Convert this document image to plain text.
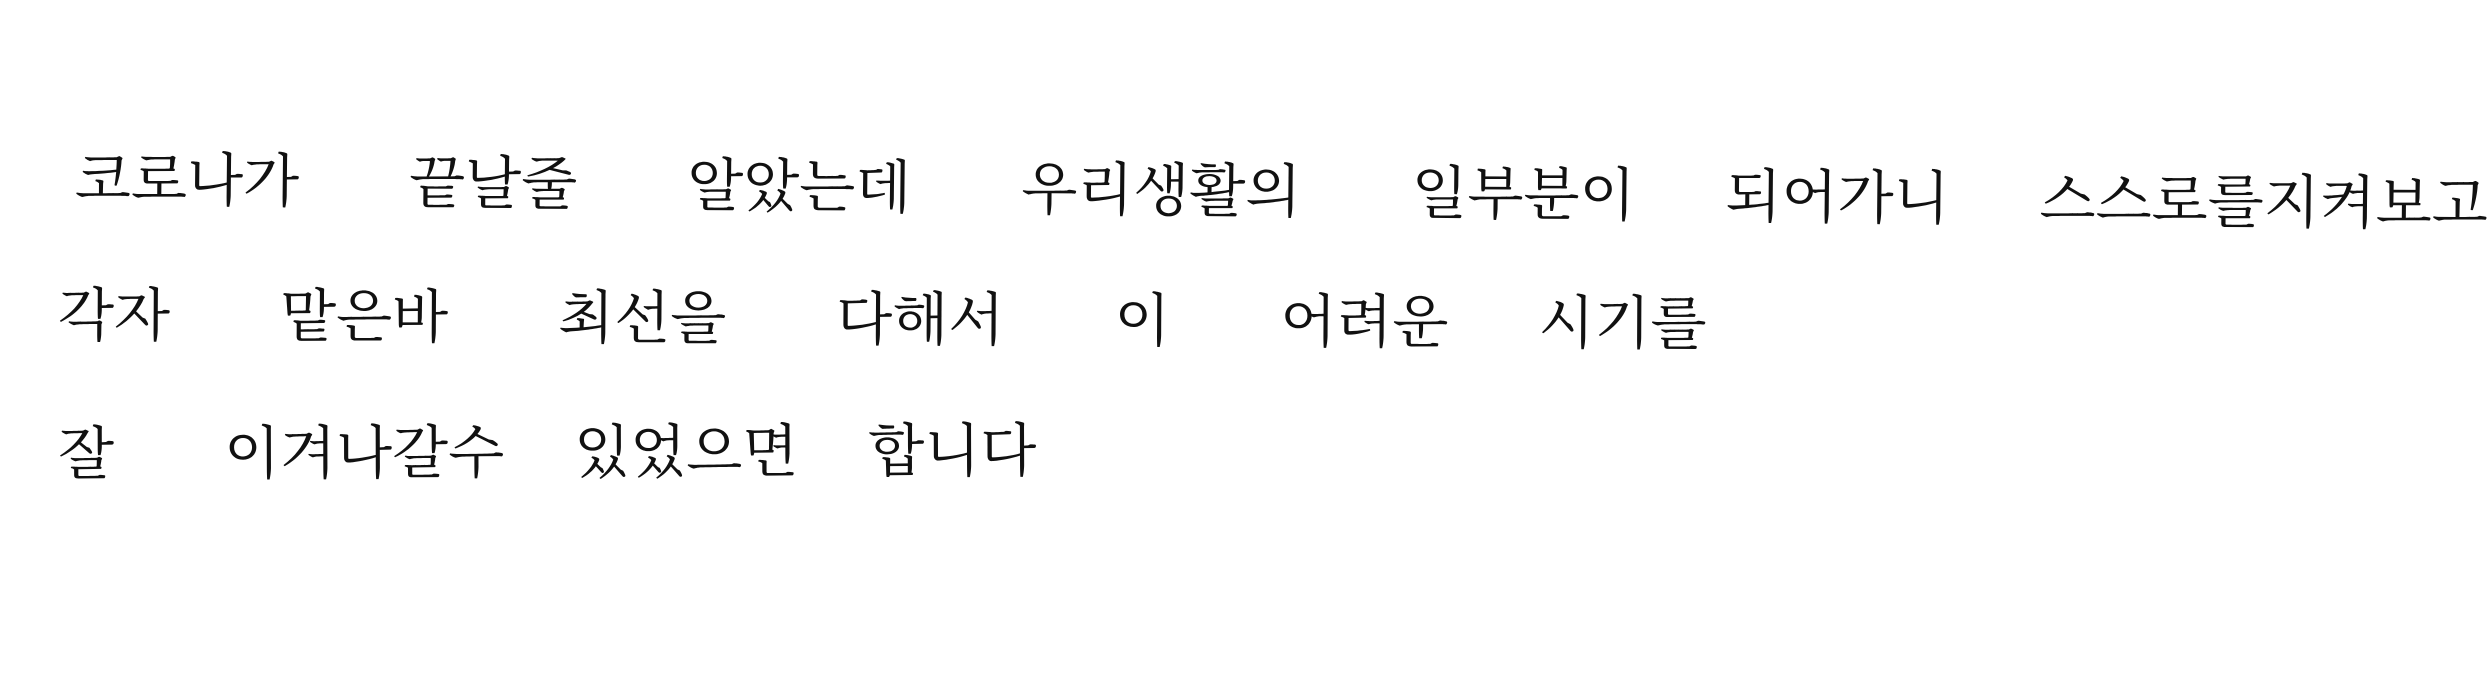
코로나가 끝날줄 알았는데 우리생활의 일부분이 되어가니 스스로를지켜보고
각자 맡은바 최선을 다해서 이 어려운 시기를
잘 이겨나갈수 있었으면 합니다
